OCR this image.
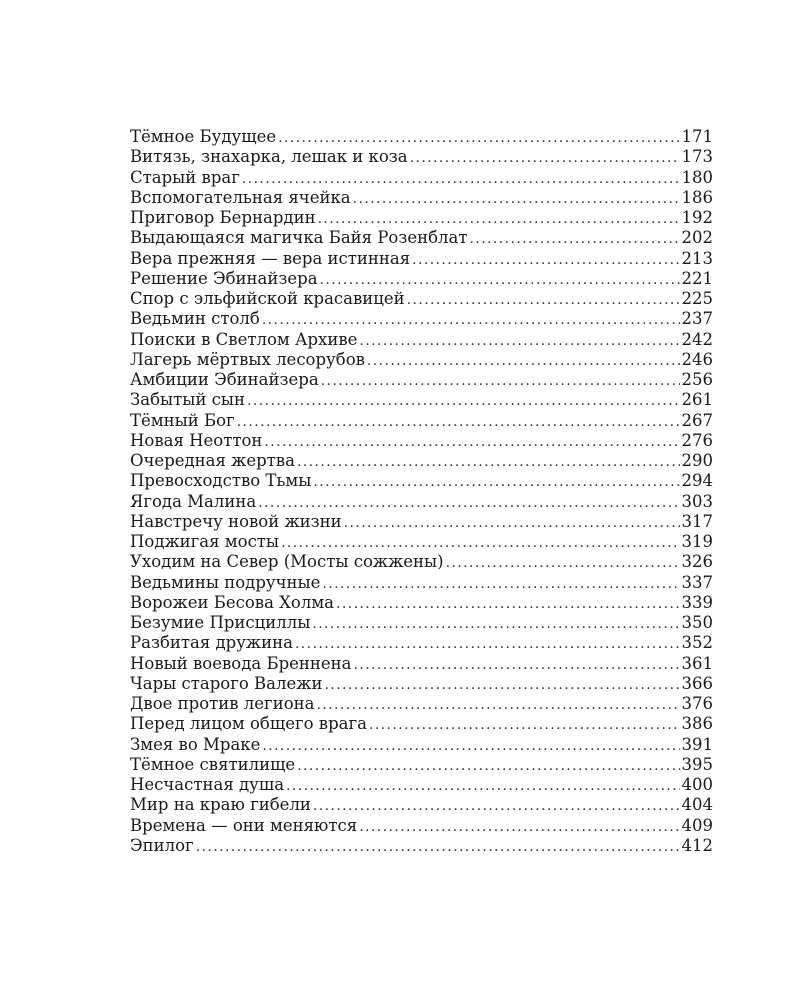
Тёмное Будущее .....	171
Витязь, знахарка, лешак и коза .....	173
Старый враг .....	180
Вспомогательная ячейка .....	186
Приговор Бернардин .....	192
Выдающаяся магичка Байя Розенблат .....	202
Вера прежняя — вера истинная .....	213
Решение Эбинайзера .....	221
Спор с эльфийской красавицей .....	225
Ведьмин столб .....	237
Поиски в Светлом Архиве .....	242
Лагерь мёртвых лесорубов .....	246
Амбиции Эбинайзера .....	256
Забытый сын .....	261
Тёмный Бог .....	267
Новая Неоттон .....	276
Очередная жертва .....	290
Превосходство Тьмы .....	294
Ягода Малина .....	303
Навстречу новой жизни .....	317
Поджигая мосты .....	319
Уходим на Север (Мосты сожжены) .....	326
Ведьмины подручные .....	337
Ворожеи Бесова Холма .....	339
Безумие Присциллы .....	350
Разбитая дружина .....	352
Новый воевода Бреннена .....	361
Чары старого Валежи .....	366
Двое против легиона .....	376
Перед лицом общего врага .....	386
Змея во Мраке .....	391
Тёмное святилище .....	395
Несчастная душа .....	400
Мир на краю гибели .....	404
Времена — они меняются .....	409
Эпилог .....	412
